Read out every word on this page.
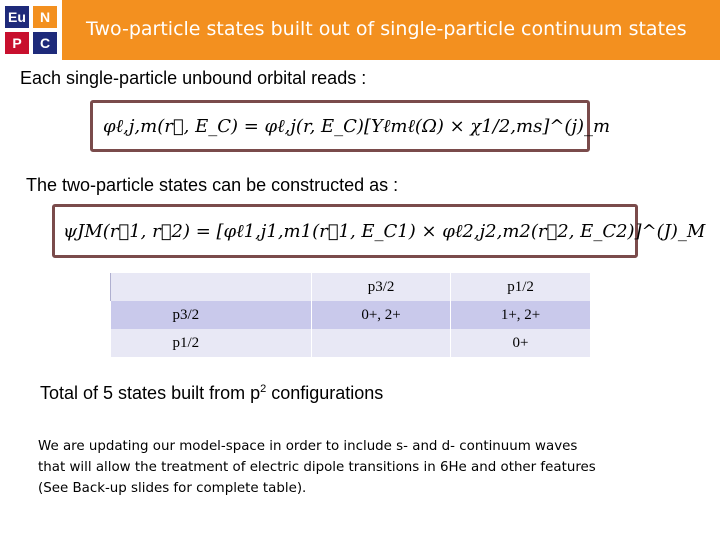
Eu	N
P	C
Two-particle states built out of single-particle continuum states
Each single-particle unbound orbital reads :
φℓ,j,m(r⃗, E_C) = φℓ,j(r, E_C)[Yℓmℓ(Ω) × χ1/2,ms]^(j)_m
The two-particle states can be constructed as :
ψJM(r⃗1, r⃗2) = [φℓ1,j1,m1(r⃗1, E_C1) × φℓ2,j2,m2(r⃗2, E_C2)]^(J)_M
	p3/2	p1/2
p3/2	0+, 2+	1+, 2+
p1/2		0+
Total of 5 states built from $p^2$ configurations
We are updating our model-space in order to include s- and d- continuum waves
that will allow the treatment of electric dipole transitions in 6He and other features
(See Back-up slides for complete table).
